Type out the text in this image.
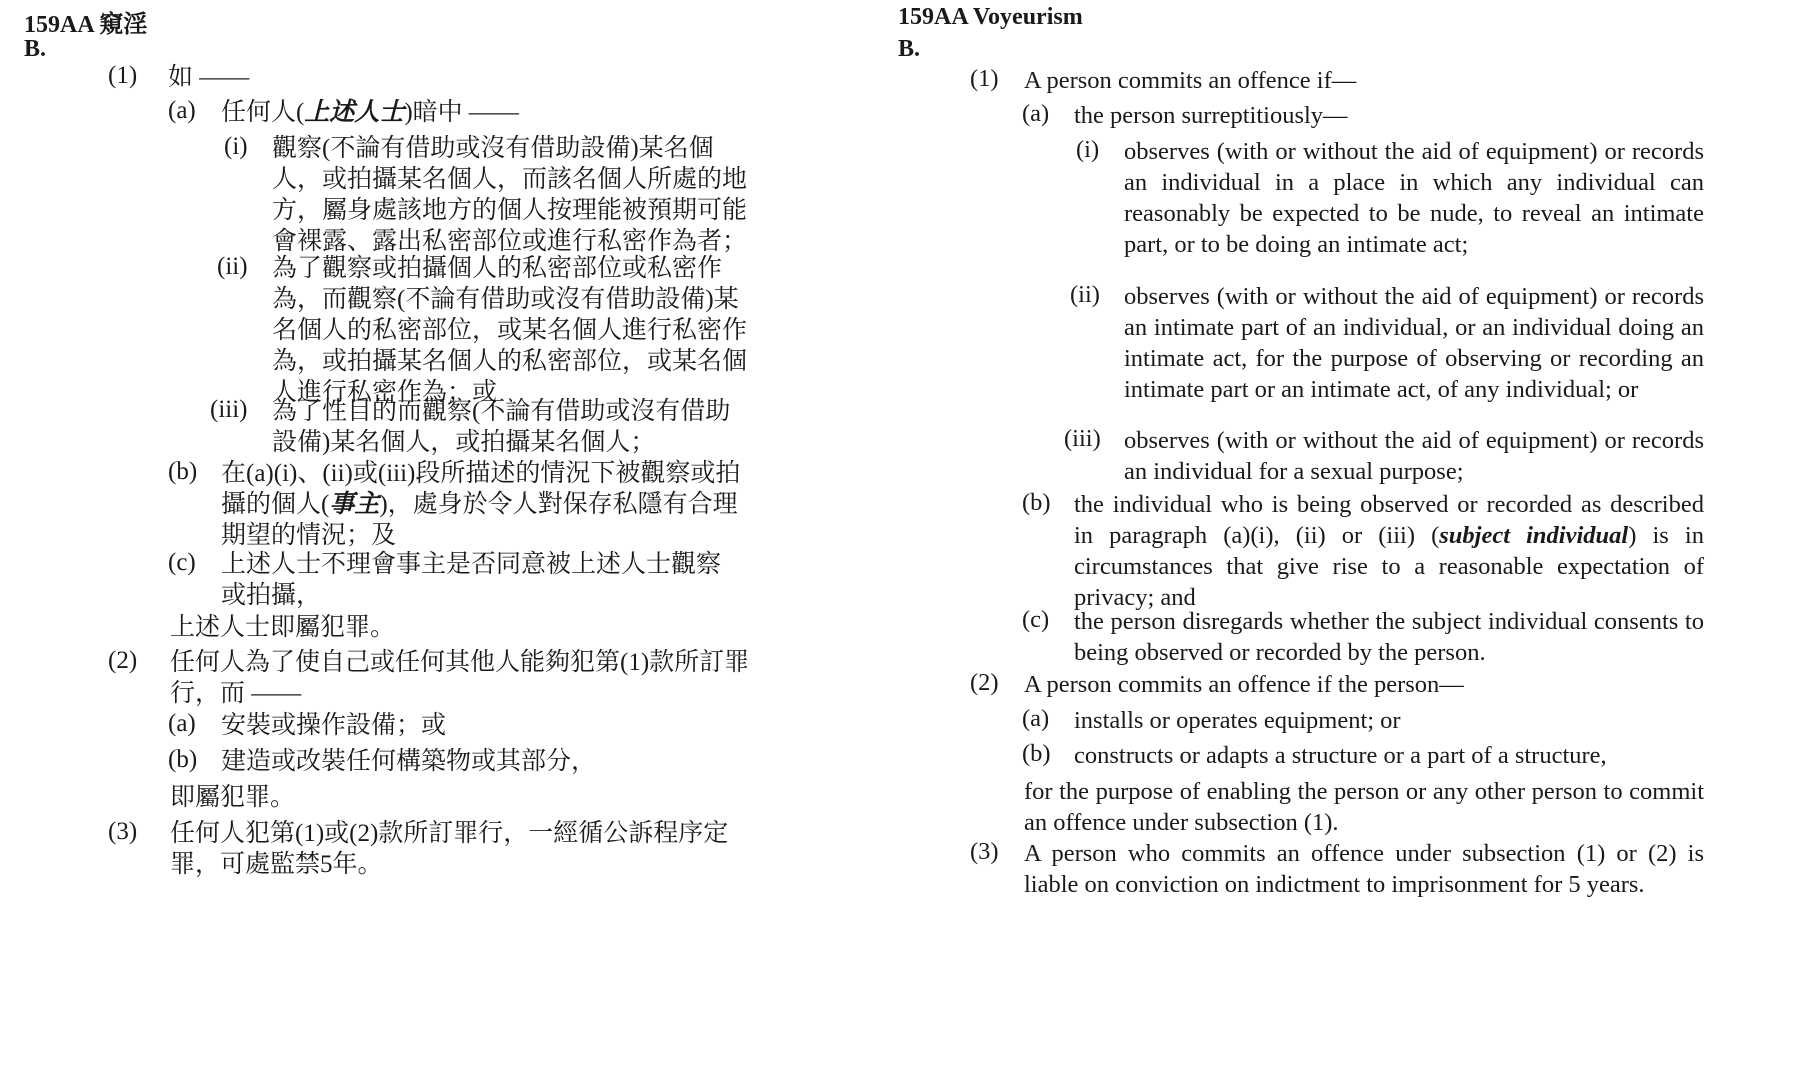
159AA 窺淫
B.
(1) 如 ——
(a) 任何人(上述人士)暗中 ——
(i) 觀察(不論有借助或沒有借助設備)某名個人，或拍攝某名個人，而該名個人所處的地方，屬身處該地方的個人按理能被預期可能會裸露、露出私密部位或進行私密作為者；
(ii) 為了觀察或拍攝個人的私密部位或私密作為，而觀察(不論有借助或沒有借助設備)某名個人的私密部位，或某名個人進行私密作為，或拍攝某名個人的私密部位，或某名個人進行私密作為；或
(iii) 為了性目的而觀察(不論有借助或沒有借助設備)某名個人，或拍攝某名個人；
(b) 在(a)(i)、(ii)或(iii)段所描述的情況下被觀察或拍攝的個人(事主)，處身於令人對保存私隱有合理期望的情況；及
(c) 上述人士不理會事主是否同意被上述人士觀察或拍攝，
上述人士即屬犯罪。
(2) 任何人為了使自己或任何其他人能夠犯第(1)款所訂罪行，而 ——
(a) 安裝或操作設備；或
(b) 建造或改裝任何構築物或其部分，
即屬犯罪。
(3) 任何人犯第(1)或(2)款所訂罪行，一經循公訴程序定罪，可處監禁5年。
159AA Voyeurism
B.
(1) A person commits an offence if—
(a) the person surreptitiously—
(i) observes (with or without the aid of equipment) or records an individual in a place in which any individual can reasonably be expected to be nude, to reveal an intimate part, or to be doing an intimate act;
(ii) observes (with or without the aid of equipment) or records an intimate part of an individual, or an individual doing an intimate act, for the purpose of observing or recording an intimate part or an intimate act, of any individual; or
(iii) observes (with or without the aid of equipment) or records an individual for a sexual purpose;
(b) the individual who is being observed or recorded as described in paragraph (a)(i), (ii) or (iii) (subject individual) is in circumstances that give rise to a reasonable expectation of privacy; and
(c) the person disregards whether the subject individual consents to being observed or recorded by the person.
(2) A person commits an offence if the person—
(a) installs or operates equipment; or
(b) constructs or adapts a structure or a part of a structure,
for the purpose of enabling the person or any other person to commit an offence under subsection (1).
(3) A person who commits an offence under subsection (1) or (2) is liable on conviction on indictment to imprisonment for 5 years.
